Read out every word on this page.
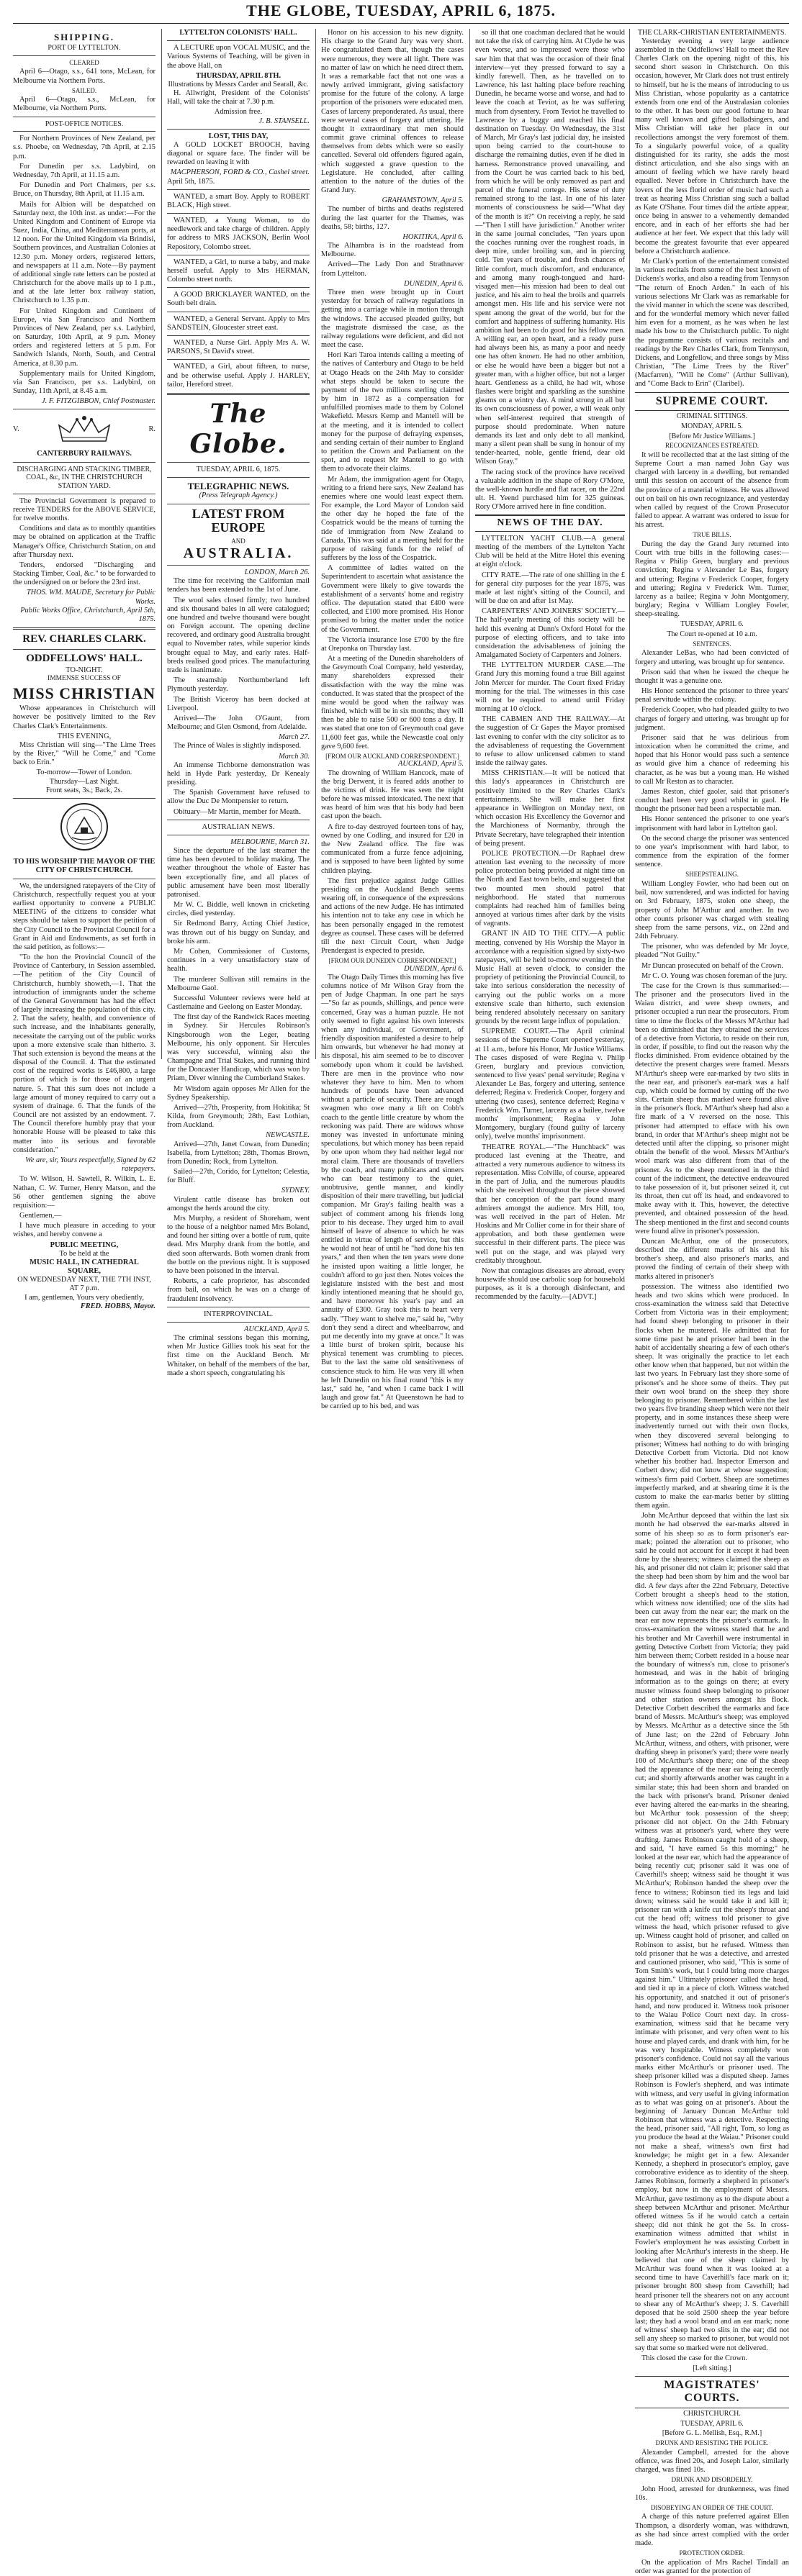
THE GLOBE, TUESDAY, APRIL 6, 1875.
SHIPPING.
PORT OF LYTTELTON.
CLEARED

April 6—Otago, s.s., 641 tons, McLean, for Melbourne via Northern Ports.

SAILED.

April 6—Otago, s.s., McLean, for Melbourne, via Northern Ports.

POST-OFFICE NOTICES.

For Northern Provinces of New Zealand, per s.s. Phoebe, on Wednesday, 7th April, at 2.15 p.m.

For Dunedin per s.s. Ladybird, on Wednesday, 7th April, at 11.15 a.m.

For Dunedin and Port Chalmers, per s.s. Bruce, on Thursday, 8th April, at 11.15 a.m.

Mails for Albion will be despatched on Saturday next, the 10th inst. as under:—For the United Kingdom and Continent of Europe via Suez, India, China, and Mediterranean ports, at 12 noon. For the United Kingdom via Brindisi, Southern provinces, and Australian Colonies at 12.30 p.m. Money orders, registered letters, and newspapers at 11 a.m. Note—By payment of additional single rate letters can be posted at Christchurch for the above mails up to 1 p.m., and at the late letter box railway station, Christchurch to 1.35 p.m.

For United Kingdom and Continent of Europe, via San Francisco and Northern Provinces of New Zealand, per s.s. Ladybird, on Saturday, 10th April, at 9 p.m. Money orders and registered letters at 5 p.m. For Sandwich Islands, North, South, and Central America, at 8.30 p.m.

Supplementary mails for United Kingdom, via San Francisco, per s.s. Ladybird, on Sunday, 11th April, at 8.45 a.m.

J. F. FITZGIBBON, Chief Postmaster.
V.	R.
CANTERBURY RAILWAYS.
DISCHARGING AND STACKING TIMBER, COAL, &c, IN THE CHRISTCHURCH STATION YARD.

The Provincial Government is prepared to receive TENDERS for the ABOVE SERVICE, for twelve months.

Conditions and data as to monthly quantities may be obtained on application at the Traffic Manager's Office, Christchurch Station, on and after Thursday next.

Tenders, endorsed "Discharging and Stacking Timber, Coal, &c." to be forwarded to the undersigned on or before the 23rd inst.

THOS. WM. MAUDE, Secretary for Public Works.
Public Works Office, Christchurch, April 5th, 1875.
REV. CHARLES CLARK.
ODDFELLOWS' HALL.
TO-NIGHT.
IMMENSE SUCCESS OF
MISS CHRISTIAN

Whose appearances in Christchurch will however be positively limited to the Rev Charles Clark's Entertainments.

THIS EVENING,

Miss Christian will sing—"The Lime Trees by the River," "Will he Come," and "Come back to Erin."

To-morrow—Tower of London.
Thursday—Last Night.
Front seats, 3s.; Back, 2s.
TO HIS WORSHIP THE MAYOR OF THE CITY OF CHRISTCHURCH.

We, the undersigned ratepayers of the City of Christchurch, respectfully request you at your earliest opportunity to convene a PUBLIC MEETING of the citizens to consider what steps should be taken to support the petition of the City Council to the Provincial Council for a Grant in Aid and Endowments, as set forth in the said petition, as follows:—

"To the hon the Provincial Council of the Province of Canterbury, in Session assembled. —The petition of the City Council of Christchurch, humbly showeth,—1. That the introduction of immigrants under the scheme of the General Government has had the effect of largely increasing the population of this city. 2. That the safety, health, and convenience of such increase, and the inhabitants generally, necessitate the carrying out of the public works upon a more extensive scale than hitherto. 3. That such extension is beyond the means at the disposal of the Council. 4. That the estimated cost of the required works is £46,800, a large portion of which is for those of an urgent nature. 5. That this sum does not include a large amount of money required to carry out a system of drainage. 6. That the funds of the Council are not assisted by an endowment. 7. The Council therefore humbly pray that your honorable House will be pleased to take this matter into its serious and favorable consideration."

We are, sir, Yours respectfully, Signed by 62 ratepayers.

To W. Wilson, H. Sawtell, R. Wilkin, L. E. Nathan, C. W. Turner, Henry Matson, and the 56 other gentlemen signing the above requisition:—

Gentlemen,—

I have much pleasure in acceding to your wishes, and hereby convene a

PUBLIC MEETING,
To be held at the
MUSIC HALL, IN CATHEDRAL SQUARE,
ON WEDNESDAY NEXT, THE 7TH INST, AT 7 p.m.
I am, gentlemen, Yours very obediently,
FRED. HOBBS, Mayor.
LYTTELTON COLONISTS' HALL.

A LECTURE upon VOCAL MUSIC, and the Various Systems of Teaching, will be given in the above Hall, on

THURSDAY, APRIL 8TH.
Illustrations by Messrs Carder and Searall, &c.

H. Allwright, President of the Colonists' Hall, will take the chair at 7.30 p.m.

Admission free.
J. B. STANSELL.
LOST, THIS DAY,

A GOLD LOCKET BROOCH, having diagonal or square face. The finder will be rewarded on leaving it with

MACPHERSON, FORD & CO., Cashel street.
April 5th, 1875.

WANTED, a smart Boy. Apply to ROBERT BLACK, High street.

WANTED, a Young Woman, to do needlework and take charge of children. Apply for address to MRS JACKSON, Berlin Wool Repository, Colombo street.

WANTED, a Girl, to nurse a baby, and make herself useful. Apply to Mrs HERMAN, Colombo street north.

A GOOD BRICKLAYER WANTED, on the South belt drain.

WANTED, a General Servant. Apply to Mrs SANDSTEIN, Gloucester street east.

WANTED, a Nurse Girl. Apply Mrs A. W. PARSONS, St David's street.

WANTED, a Girl, about fifteen, to nurse, and be otherwise useful. Apply J. HARLEY, tailor, Hereford street.

The Globe.
TUESDAY, APRIL 6, 1875.
TELEGRAPHIC NEWS.
(Press Telegraph Agency.)
LATEST FROM EUROPE
AND
AUSTRALIA.
LONDON, March 26.

The time for receiving the Californian mail tenders has been extended to the 1st of June.

The wool sales closed firmly; two hundred and six thousand bales in all were catalogued; one hundred and twelve thousand were bought on Foreign account. The opening decline recovered, and ordinary good Australia brought equal to November rates, while superior kinds brought equal to May, and early rates. Half-breds realised good prices. The manufacturing trade is inanimate.

The steamship Northumberland left Plymouth yesterday.

The British Viceroy has been docked at Liverpool.

Arrived—The John O'Gaunt, from Melbourne; and Glen Osmond, from Adelaide.

March 27.

The Prince of Wales is slightly indisposed.

March 30.

An immense Tichborne demonstration was held in Hyde Park yesterday, Dr Kenealy presiding.

The Spanish Government have refused to allow the Duc De Montpensier to return.

Obituary—Mr Martin, member for Meath.

AUSTRALIAN NEWS.
MELBOURNE, March 31.

Since the departure of the last steamer the time has been devoted to holiday making. The weather throughout the whole of Easter has been exceptionally fine, and all places of public amusement have been most liberally patronised.

Mr W. C. Biddle, well known in cricketing circles, died yesterday.

Sir Redmond Barry, Acting Chief Justice, was thrown out of his buggy on Sunday, and broke his arm.

Mr Cohen, Commissioner of Customs, continues in a very unsatisfactory state of health.

The murderer Sullivan still remains in the Melbourne Gaol.

Successful Volunteer reviews were held at Castlemaine and Geelong on Easter Monday.

The first day of the Randwick Races meeting in Sydney. Sir Hercules Robinson's Kingsborough won the Leger, beating Melbourne, his only opponent. Sir Hercules was very successful, winning also the Champagne and Trial Stakes, and running third for the Doncaster Handicap, which was won by Priam, Diver winning the Cumberland Stakes.

Mr Wisdom again opposes Mr Allen for the Sydney Speakership.

Arrived—27th, Prosperity, from Hokitika; St Kilda, from Greymouth; 28th, East Lothian, from Auckland.

NEWCASTLE.

Arrived—27th, Janet Cowan, from Dunedin; Isabella, from Lyttelton; 28th, Thomas Brown, from Dunedin; Rock, from Lyttelton.

Sailed—27th, Corido, for Lyttelton; Celestia, for Bluff.

SYDNEY.

Virulent cattle disease has broken out amongst the herds around the city.

Mrs Murphy, a resident of Shoreham, went to the house of a neighbor named Mrs Boland, and found her sitting over a bottle of rum, quite dead. Mrs Murphy drank from the bottle, and died soon afterwards. Both women drank from the bottle on the previous night. It is supposed to have been poisoned in the interval.

Roberts, a cafe proprietor, has absconded from bail, on which he was on a charge of fraudulent insolvency.

INTERPROVINCIAL.
AUCKLAND, April 5.

The criminal sessions began this morning, when Mr Justice Gillies took his seat for the first time on the Auckland Bench. Mr Whitaker, on behalf of the members of the bar, made a short speech, congratulating his

Honor on his accession to his new dignity. His charge to the Grand Jury was very short. He congratulated them that, though the cases were numerous, they were all light. There was no matter of law on which he need direct them. It was a remarkable fact that not one was a newly arrived immigrant, giving satisfactory promise for the future of the colony. A large proportion of the prisoners were educated men. Cases of larceny preponderated. As usual, there were several cases of forgery and uttering. He thought it extraordinary that men should commit grave criminal offences to release themselves from debts which were so easily cancelled. Several old offenders figured again, which suggested a grave question to the Legislature. He concluded, after calling attention to the nature of the duties of the Grand Jury.

GRAHAMSTOWN, April 5.

The number of births and deaths registered during the last quarter for the Thames, was deaths, 58; births, 127.

HOKITIKA, April 6.

The Alhambra is in the roadstead from Melbourne.

Arrived—The Lady Don and Strathnaver from Lyttelton.

DUNEDIN, April 6.

Three men were brought up in Court yesterday for breach of railway regulations in getting into a carriage while in motion through the windows. The accused pleaded guilty, but the magistrate dismissed the case, as the railway regulations were deficient, and did not meet the case.

Hori Kari Taroa intends calling a meeting of the natives of Canterbury and Otago to be held at Otago Heads on the 24th May to consider what steps should be taken to secure the payment of the two millions sterling claimed by him in 1872 as a compensation for unfulfilled promises made to them by Colonel Wakefield. Messrs Kemp and Mantell will be at the meeting, and it is intended to collect money for the purpose of defraying expenses, and sending certain of their number to England to petition the Crown and Parliament on the spot, and to request Mr Mantell to go with them to advocate their claims.

Mr Adam, the immigration agent for Otago, writing to a friend here says, New Zealand has enemies where one would least expect them. For example, the Lord Mayor of London said the other day he hoped the fate of the Cospatrick would be the means of turning the tide of immigration from New Zealand to Canada. This was said at a meeting held for the purpose of raising funds for the relief of sufferers by the loss of the Cospatrick.

A committee of ladies waited on the Superintendent to ascertain what assistance the Government were likely to give towards the establishment of a servants' home and registry office. The deputation stated that £400 were collected, and £100 more promised. His Honor promised to bring the matter under the notice of the Government.

The Victoria insurance lose £700 by the fire at Oreponka on Thursday last.

At a meeting of the Dunedin shareholders of the Greymouth Coal Company, held yesterday, many shareholders expressed their dissatisfaction with the way the mine was conducted. It was stated that the prospect of the mine would be good when the railway was finished, which will be in six months; they will then be able to raise 500 or 600 tons a day. It was stated that one ton of Greymouth coal gave 11,600 feet gas, while the Newcastle coal only gave 9,600 feet.

[FROM OUR AUCKLAND CORRESPONDENT.]
AUCKLAND, April 5.

The drowning of William Hancock, mate of the brig Derwent, it is feared adds another to the victims of drink. He was seen the night before he was missed intoxicated. The next that was heard of him was that his body had been cast upon the beach.

A fire to-day destroyed fourteen tons of hay, owned by one Codling, and insured for £20 in the New Zealand office. The fire was communicated from a furze fence adjoining, and is supposed to have been lighted by some children playing.

The first prejudice against Judge Gillies presiding on the Auckland Bench seems wearing off, in consequence of the expressions and actions of the new Judge. He has intimated his intention not to take any case in which he has been personally engaged in the remotest degree as counsel. These cases will be deferred till the next Circuit Court, when Judge Prendergast is expected to preside.

[FROM OUR DUNEDIN CORRESPONDENT.]
DUNEDIN, April 6.

The Otago Daily Times this morning has five columns notice of Mr Wilson Gray from the pen of Judge Chapman. In one part he says—"So far as pounds, shillings, and pence were concerned, Gray was a human puzzle. He not only seemed to fight against his own interests when any individual, or Government, of friendly disposition manifested a desire to help him onwards, but whenever he had money at his disposal, his aim seemed to be to discover somebody upon whom it could be lavished. There are men in the province who now whatever they have to him. Men to whom hundreds of pounds have been advanced without a particle of security. There are rough swagmen who owe many a lift on Cobb's coach to the gentle little creature by whom the reckoning was paid. There are widows whose money was invested in unfortunate mining speculations, but which money has been repaid by one upon whom they had neither legal nor moral claim. There are thousands of travellers by the coach, and many publicans and sinners who can bear testimony to the quiet, unobtrusive, gentle manner, and kindly disposition of their mere travelling, but judicial companion. Mr Gray's failing health was a subject of comment among his friends long prior to his decease. They urged him to avail himself of leave of absence to which he was entitled in virtue of length of service, but this he would not hear of until he "had done his ten years," and then when the ten years were done he insisted upon waiting a little longer, he couldn't afford to go just then. Notes voices the legislature insisted with the best and most kindly intentioned meaning that he should go, and have moreover his year's pay and an annuity of £300. Gray took this to heart very sadly. "They want to shelve me," said he, "why don't they send a direct and wheelbarrow, and put me decently into my grave at once." It was a little burst of broken spirit, because his physical tenement was crumbling to pieces. But to the last the same old sensitiveness of conscience stuck to him. He was very ill when he left Dunedin on his final round "this is my last," said he, "and when I came back I will laugh and grow fat." At Queenstown he had to be carried up to his bed, and was

so ill that one coachman declared that he would not take the risk of carrying him. At Clyde he was even worse, and so impressed were those who saw him that that was the occasion of their final interview—yet they pressed forward to say a kindly farewell. Then, as he travelled on to Lawrence, his last halting place before reaching Dunedin, he became worse and worse, and had to leave the coach at Teviot, as he was suffering much from dysentery. From Teviot he travelled to Lawrence by a buggy and reached his final destination on Tuesday. On Wednesday, the 31st of March, Mr Gray's last judicial day, he insisted upon being carried to the court-house to discharge the remaining duties, even if he died in harness. Remonstrance proved unavailing, and from the Court he was carried back to his bed, from which he will be only removed as part and parcel of the funeral cortege. His sense of duty remained strong to the last. In one of his later moments of consciousness he said—"What day of the month is it?" On receiving a reply, he said—"Then I still have jurisdiction." Another writer in the same journal concludes, "Ten years upon the coaches running over the roughest roads, in deep mire, under broiling sun, and in piercing cold. Ten years of trouble, and fresh chances of little comfort, much discomfort, and endurance, and among many rough-tongued and hard-visaged men—his mission had been to deal out justice, and his aim to heal the broils and quarrels amongst men. His life and his service were not spent among the great of the world, but for the comfort and happiness of suffering humanity. His ambition had been to do good for his fellow men. A willing ear, an open heart, and a ready purse had always been his, as many a poor and needy one has often known. He had no other ambition, or else he would have been a bigger but not a greater man, with a higher office, but not a larger heart. Gentleness as a child, he had wit, whose flashes were bright and sparkling as the sunshine gleams on a wintry day. A mind strong in all but its own consciousness of power, a will weak only when self-interest required that strength of purpose should predominate. When nature demands its last and only debt to all mankind, many a silent pean shall be sung in honour of my tender-hearted, noble, gentle friend, dear old Wilson Gray."

The racing stock of the province have received a valuable addition in the shape of Rory O'More, the well-known hurdle and flat racer, on the 22nd ult. H. Yeend purchased him for 325 guineas. Rory O'More arrived here in fine condition.

NEWS OF THE DAY.

LYTTELTON YACHT CLUB.—A general meeting of the members of the Lyttelton Yacht Club will be held at the Mitre Hotel this evening at eight o'clock.

CITY RATE.—The rate of one shilling in the £ for general city purposes for the year 1875, was made at last night's sitting of the Council, and will be due on and after 1st May.

CARPENTERS' AND JOINERS' SOCIETY.—The half-yearly meeting of this society will be held this evening at Dunn's Oxford Hotel for the purpose of electing officers, and to take into consideration the advisableness of joining the Amalgamated Society of Carpenters and Joiners.

THE LYTTELTON MURDER CASE.—The Grand Jury this morning found a true Bill against John Mercer for murder. The Court fixed Friday morning for the trial. The witnesses in this case will not be required to attend until Friday morning at 10 o'clock.

THE CABMEN AND THE RAILWAY.—At the suggestion of Cr Gapes the Mayor promised last evening to confer with the city solicitor as to the advisableness of requesting the Government to refuse to allow unlicensed cabmen to stand inside the railway gates.

MISS CHRISTIAN.—It will be noticed that this lady's appearances in Christchurch are positively limited to the Rev Charles Clark's entertainments. She will make her first appearance in Wellington on Monday next, on which occasion His Excellency the Governor and the Marchioness of Normanby, through the Private Secretary, have telegraphed their intention of being present.

POLICE PROTECTION.—Dr Raphael drew attention last evening to the necessity of more police protection being provided at night time on the North and East town belts, and suggested that two mounted men should patrol that neighborhood. He stated that numerous complaints had reached him of families being annoyed at various times after dark by the visits of vagrants.

GRANT IN AID TO THE CITY.—A public meeting, convened by His Worship the Mayor in accordance with a requisition signed by sixty-two ratepayers, will be held to-morrow evening in the Music Hall at seven o'clock, to consider the propriety of petitioning the Provincial Council, to take into serious consideration the necessity of carrying out the public works on a more extensive scale than hitherto, such extension being rendered absolutely necessary on sanitary grounds by the recent large influx of population.

SUPREME COURT.—The April criminal sessions of the Supreme Court opened yesterday, at 11 a.m., before his Honor, Mr Justice Williams. The cases disposed of were Regina v. Philip Green, burglary and previous conviction, sentenced to five years' penal servitude; Regina v Alexander Le Bas, forgery and uttering, sentence deferred; Regina v. Frederick Cooper, forgery and uttering (two cases), sentence deferred; Regina v Frederick Wm. Turner, larceny as a bailee, twelve months' imprisonment; Regina v John Montgomery, burglary (found guilty of larceny only), twelve months' imprisonment.

THEATRE ROYAL.—"The Hunchback" was produced last evening at the Theatre, and attracted a very numerous audience to witness its representation. Miss Colville, of course, appeared in the part of Julia, and the numerous plaudits which she received throughout the piece showed that her conception of the part found many admirers amongst the audience. Mrs Hill, too, was well received in the part of Helen. Mr Hoskins and Mr Collier come in for their share of approbation, and both these gentlemen were successful in their different parts. The piece was well put on the stage, and was played very creditably throughout.

Now that contagious diseases are abroad, every housewife should use carbolic soap for household purposes, as it is a thorough disinfectant, and recommended by the faculty.—[ADVT.]

THE CLARK-CHRISTIAN ENTERTAINMENTS.

Yesterday evening a very large audience assembled in the Oddfellows' Hall to meet the Rev Charles Clark on the opening night of this, his second short season in Christchurch. On this occasion, however, Mr Clark does not trust entirely to himself, but he is the means of introducing to us Miss Christian, whose popularity as a cantatrice extends from one end of the Australasian colonies to the other. It has been our good fortune to hear many well known and gifted balladsingers, and Miss Christian will take her place in our recollections amongst the very foremost of them. To a singularly powerful voice, of a quality distinguished for its rarity, she adds the most distinct articulation, and she also sings with an amount of feeling which we have rarely heard equalled. Never before in Christchurch have the lovers of the less florid order of music had such a treat as hearing Miss Christian sing such a ballad as Kate O'Shane. Four times did the artiste appear, once being in answer to a vehemently demanded encore, and in each of her efforts she had her audience at her feet. We expect that this lady will become the greatest favourite that ever appeared before a Christchurch audience.

Mr Clark's portion of the entertainment consisted in various recitals from some of the best known of Dickens's works, and also a reading from Tennyson "The return of Enoch Arden." In each of his various selections Mr Clark was as remarkable for the vivid manner in which the scene was described, and for the wonderful memory which never failed him even for a moment, as he was when he last made his bow to the Christchurch public. To night the programme consists of various recitals and readings by the Rev Charles Clark, from Tennyson, Dickens, and Longfellow, and three songs by Miss Christian, "The Lime Trees by the River" (Macfarren), "Will he Come" (Arthur Sullivan), and "Come Back to Erin" (Claribel).

SUPREME COURT.
CRIMINAL SITTINGS.
MONDAY, APRIL 5.
[Before Mr Justice Williams.]
RECOGNIZANCES ESTREATED.

It will be recollected that at the last sitting of the Supreme Court a man named John Gay was charged with larceny in a dwelling, but remanded until this session on account of the absence from the province of a material witness. He was allowed out on bail on his own recognizance, and yesterday when called by request of the Crown Prosecutor failed to appear. A warrant was ordered to issue for his arrest.

TRUE BILLS.

During the day the Grand Jury returned into Court with true bills in the following cases:—Regina v Philip Green, burglary and previous conviction; Regina v Alexander Le Bas, forgery and uttering; Regina v Frederick Cooper, forgery and uttering; Regina v Frederick Wm. Turner, larceny as a bailee; Regina v John Montgomery, burglary; Regina v William Longley Fowler, sheep-stealing.

TUESDAY, APRIL 6.
The Court re-opened at 10 a.m.
SENTENCES.

Alexander LeBas, who had been convicted of forgery and uttering, was brought up for sentence.

Prison said that when he issued the cheque he thought it was a genuine one.

His Honor sentenced the prisoner to three years' penal servitude within the colony.

Frederick Cooper, who had pleaded guilty to two charges of forgery and uttering, was brought up for judgment.

Prisoner said that he was delirious from intoxication when he committed the crime, and hoped that his Honor would pass such a sentence as would give him a chance of redeeming his character, as he was but a young man. He wished to call Mr Reston as to character.

James Reston, chief gaoler, said that prisoner's conduct had been very good whilst in gaol. He thought the prisoner had been a respectable man.

His Honor sentenced the prisoner to one year's imprisonment with hard labor in Lyttelton gaol.

On the second charge the prisoner was sentenced to one year's imprisonment with hard labor, to commence from the expiration of the former sentence.

SHEEPSTEALING.

William Longley Fowler, who had been out on bail, now surrendered, and was indicted for having on 3rd February, 1875, stolen one sheep, the property of John M'Arthur and another. In two other counts prisoner was charged with stealing sheep from the same persons, viz., on 22nd and 24th February.

The prisoner, who was defended by Mr Joyce, pleaded "Not Guilty."

Mr Duncan prosecuted on behalf of the Crown.

Mr C. O. Young was chosen foreman of the jury.

The case for the Crown is thus summarised:—The prisoner and the prosecutors lived in the Waiau district, and were sheep owners, and prisoner occupied a run near the prosecutors. From time to time the flocks of the Messrs M'Arthur had been so diminished that they obtained the services of a detective from Victoria, to reside on their run, in order, if possible, to find out the reason why the flocks diminished. From evidence obtained by the detective the present charges were framed. Messrs M'Arthur's sheep were ear-marked by two slits in the near ear, and prisoner's ear-mark was a half cup, which could be formed by cutting off the two slits. Certain sheep thus marked were found alive in the prisoner's flock. M'Arthur's sheep had also a fire mark of a V reversed on the nose. This prisoner had attempted to efface with his own brand, in order that M'Arthur's sheep might not be detected until after the clipping, so prisoner might obtain the benefit of the wool. Messrs M'Arthur's wool mark was also different from that of the prisoner. As to the sheep mentioned in the third count of the indictment, the detective endeavoured to take possession of it, but prisoner seized it, cut its throat, then cut off its head, and endeavored to make away with it. This, however, the detective prevented, and obtained possession of the head. The sheep mentioned in the first and second counts were found alive in prisoner's possession.

Duncan McArthur, one of the prosecutors, described the different marks of his and his brother's sheep, and also prisoner's marks, and proved the finding of certain of their sheep with marks altered in prisoner's

possession. The witness also identified two heads and two skins which were produced. In cross-examination the witness said that Detective Corbett from Victoria was in their employment; had found sheep belonging to prisoner in their flocks when he mustered. He admitted that for some time past he and prisoner had been in the habit of accidentally shearing a few of each other's sheep. It was originally the practice to let each other know when that happened, but not within the last two years. In February last they shore some of prisoner's and he shore some of theirs. They put their own wool brand on the sheep they shore belonging to prisoner. Remembered within the last two years five branding sheep which were not their property, and in some instances these sheep were inadvertently turned out with their own flocks, when they discovered several belonging to prisoner; Witness had nothing to do with bringing Detective Corbett from Victoria. Did not know whether his brother had. Inspector Emerson and Corbett drew; did not know at whose suggestion; witness's firm paid Corbett. Sheep are sometimes imperfectly marked, and at shearing time it is the custom to make the ear-marks better by slitting them again.

John McArthur deposed that within the last six month he had observed the ear-marks altered in some of his sheep so as to form prisoner's ear-mark; pointed the alteration out to prisoner, who said he could not account for it except it had been done by the shearers; witness claimed the sheep as his, and prisoner did not claim it; prisoner said that the sheep had been shorn by him and the wool bar did. A few days after the 22nd February, Detective Corbett brought a sheep's head to the station, which witness now identified; one of the slits had been cut away from the near ear; the mark on the near ear now represents the prisoner's earmark. In cross-examination the witness stated that he and his brother and Mr Caverhill were instrumental in getting Detective Corbett from Victoria; they paid him between them; Corbett resided in a house near the boundary of witness's run, close to prisoner's homestead, and was in the habit of bringing information as to the goings on there; at every muster witness found sheep belonging to prisoner and other station owners amongst his flock. Detective Corbett described the earmarks and face brand of Messrs. McArthur's sheep; was employed by Messrs. McArthur as a detective since the 5th of June last; on the 22nd of February John McArthur, witness, and others, with prisoner, were drafting sheep in prisoner's yard; there were nearly 100 of McArthur's sheep there; one of the sheep had the appearance of the near ear being recently cut; and shortly afterwards another was caught in a similar state; this had been shorn and branded on the back with prisoner's brand. Prisoner denied ever having altered the ear-marks in the shearing, but McArthur took possession of the sheep; prisoner did not object. On the 24th February witness was at prisoner's yard, where they were drafting. James Robinson caught hold of a sheep, and said, "I have earned 5s this morning;" he looked at the near ear, which had the appearance of being recently cut; prisoner said it was one of Caverhill's sheep; witness said he thought it was McArthur's; Robinson handed the sheep over the fence to witness; Robinson tied its legs and laid down; witness said he would take it and kill it; prisoner ran with a knife cut the sheep's throat and cut the head off; witness told prisoner to give witness the head, which prisoner refused to give up. Witness caught hold of prisoner, and called on Robinson to assist, but he refused. Witness then told prisoner that he was a detective, and arrested and cautioned prisoner, who said, "This is some of Tom Smith's work, but I could bring more charges against him." Ultimately prisoner called the head, and tied it up in a piece of cloth. Witness watched his opportunity, and snatched it out of prisoner's hand, and now produced it. Witness took prisoner to the Waiau Police Court next day. In cross-examination, witness said that he became very intimate with prisoner, and very often went to his house and played cards, and drank with him, for he was very hospitable. Witness completely won prisoner's confidence. Could not say all the various marks either McArthur's or prisoner used. The sheep prisoner killed was a disputed sheep. James Robinson is Fowler's shepherd, and was intimate with witness, and very useful in giving information as to what was going on at prisoner's. About the beginning of January Duncan McArthur told Robinson that witness was a detective. Respecting the head, prisoner said, "All right, Tom, so long as you produce the head at the Waiau." Prisoner could not make a sheaf, witness's own first had knowledge; he might get in a few. Alexander Kennedy, a shepherd in prosecutor's employ, gave corroborative evidence as to identity of the sheep. James Robinson, formerly a shepherd in prisoner's employ, but now in the employment of Messrs. McArthur, gave testimony as to the dispute about a sheep between McArthur and prisoner. McArthur offered witness 5s if he would catch a certain sheep; did not think he got the 5s. In cross-examination witness admitted that whilst in Fowler's employment he was assisting Corbett in looking after McArthur's interests in the sheep. He believed that one of the sheep claimed by McArthur was found when it was looked at a second time to have Caverhill's face mark on it; prisoner brought 800 sheep from Caverhill; had heard prisoner tell the shearers not on any account to shear any of McArthur's sheep; J. S. Caverhill deposed that he sold 2500 sheep the year before last; they had a wool brand and an ear mark; none of witness' sheep had two slits in the ear; did not sell any sheep so marked to prisoner, but would not say that some so marked were not delivered.

This closed the case for the Crown.

[Left sitting.]
MAGISTRATES' COURTS.
CHRISTCHURCH.
TUESDAY, APRIL 6.
[Before G. L. Mellish, Esq., R.M.]
DRUNK AND RESISTING THE POLICE.

Alexander Campbell, arrested for the above offence, was fined 20s, and Joseph Lalor, similarly charged, was fined 10s.

DRUNK AND DISORDERLY.

John Hood, arrested for drunkenness, was fined 10s.

DISOBEYING AN ORDER OF THE COURT.

A charge of this nature preferred against Ellen Thompson, a disorderly woman, was withdrawn, as she had since arrest complied with the order made.

PROTECTION ORDER.

On the application of Mrs Rachel Tindall an order was granted for the protection of
